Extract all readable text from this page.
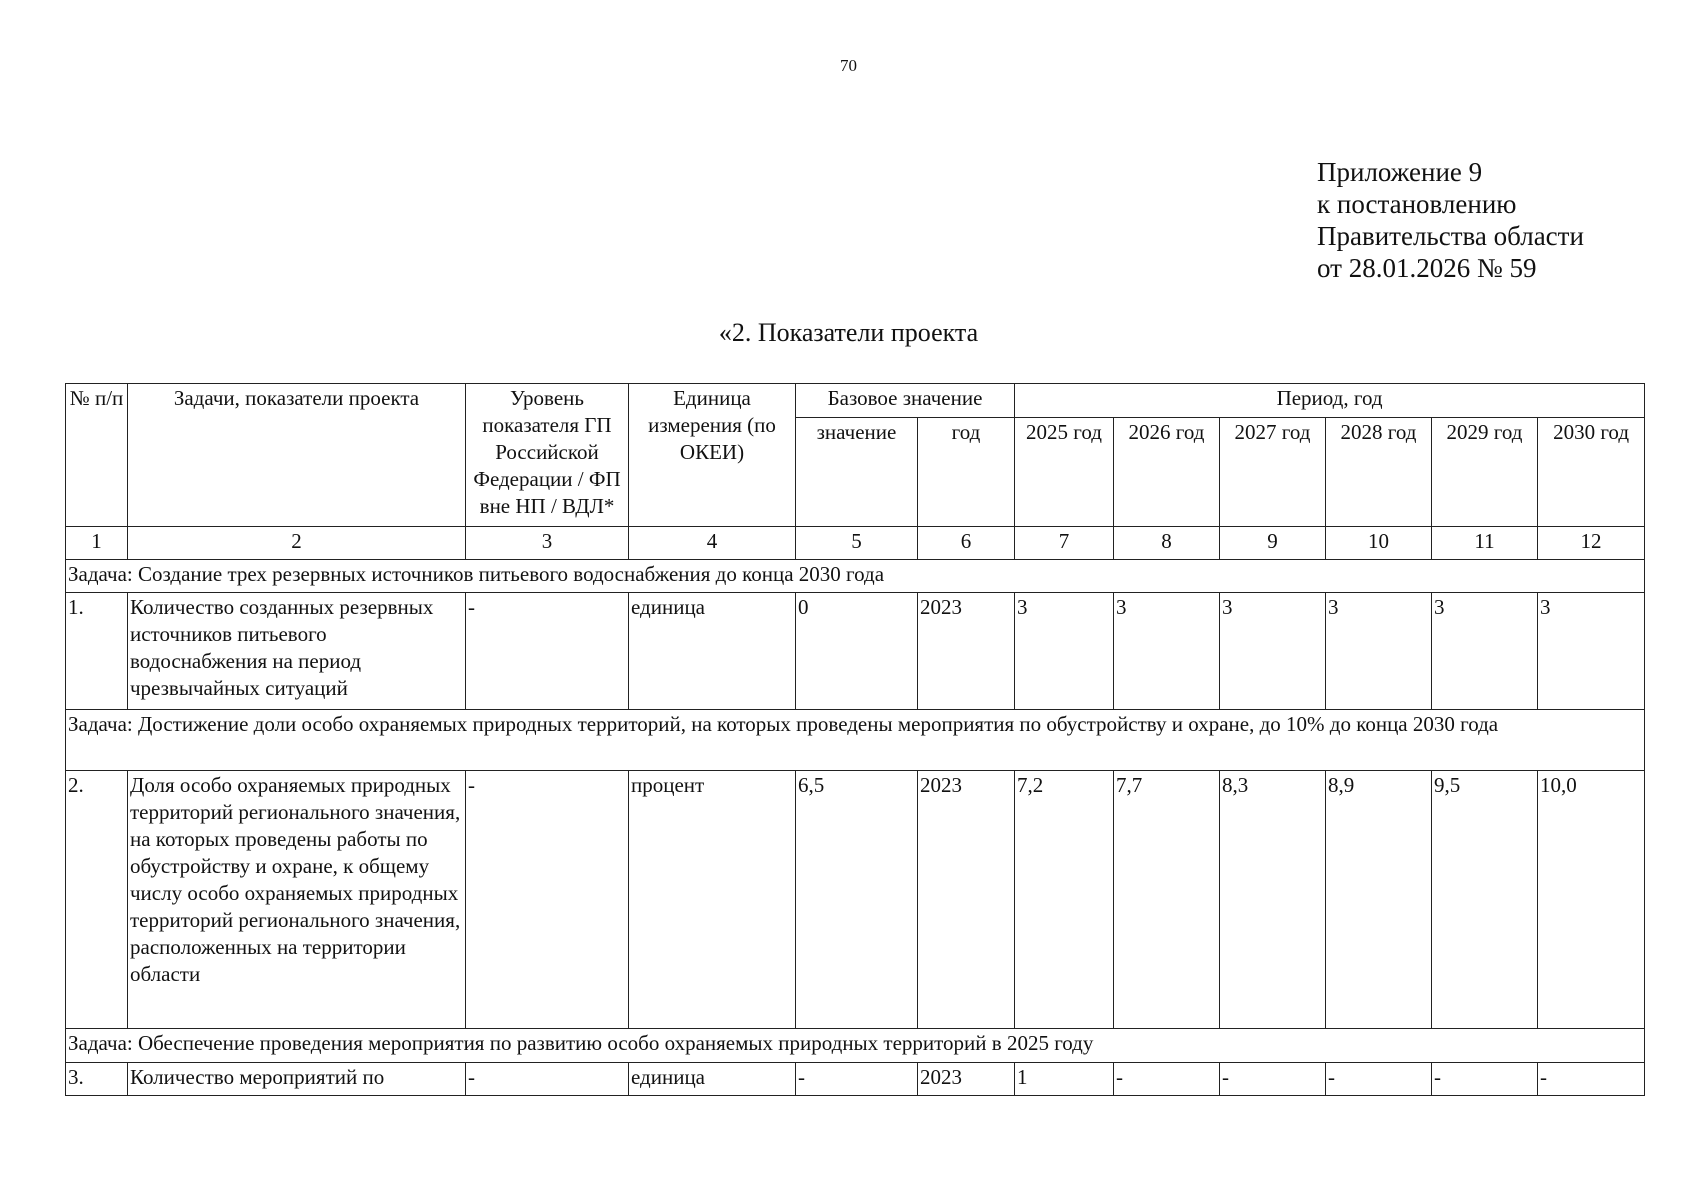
70
Приложение 9
к постановлению
Правительства области
от 28.01.2026 № 59
«2. Показатели проекта
№ п/п	Задачи, показатели проекта	Уровень показателя ГП Российской Федерации / ФП вне НП / ВДЛ*	Единица измерения (по ОКЕИ)	Базовое значение		Период, год					
				значение	год	2025 год	2026 год	2027 год	2028 год	2029 год	2030 год
1	2	3	4	5	6	7	8	9	10	11	12
Задача: Создание трех резервных источников питьевого водоснабжения до конца 2030 года											
1.	Количество созданных резервных источников питьевого водоснабжения на период чрезвычайных ситуаций	-	единица	0	2023	3	3	3	3	3	3
Задача: Достижение доли особо охраняемых природных территорий, на которых проведены мероприятия по обустройству и охране, до 10% до конца 2030 года											
2.	Доля особо охраняемых природных территорий регионального значения, на которых проведены работы по обустройству и охране, к общему числу особо охраняемых природных территорий регионального значения, расположенных на территории области	-	процент	6,5	2023	7,2	7,7	8,3	8,9	9,5	10,0
Задача: Обеспечение проведения мероприятия по развитию особо охраняемых природных территорий в 2025 году											
3.	Количество мероприятий по	-	единица	-	2023	1	-	-	-	-	-
